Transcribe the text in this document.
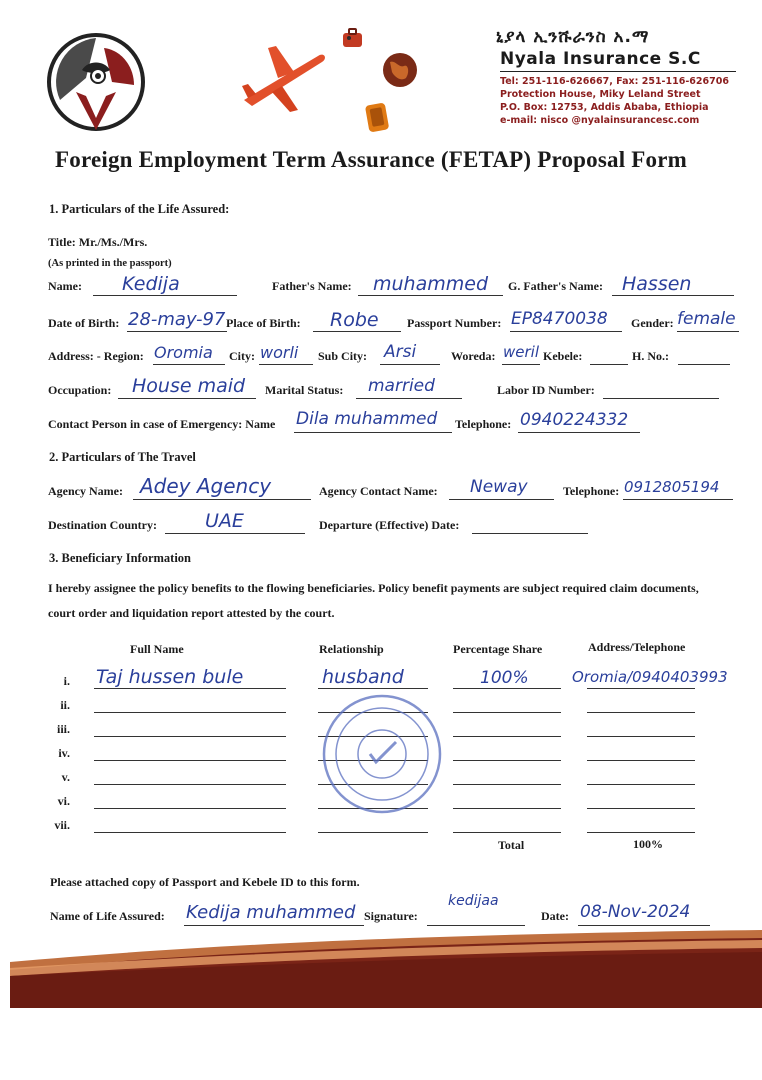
ኒያላ ኢንሹራንስ አ.ማ
Nyala Insurance S.C
Tel: 251-116-626667, Fax: 251-116-626706
Protection House, Miky Leland Street
P.O. Box: 12753, Addis Ababa, Ethiopia
e-mail: nisco @nyalainsurancesc.com
Foreign Employment Term Assurance (FETAP) Proposal Form
1. Particulars of the Life Assured:
Title: Mr./Ms./Mrs.
(As printed in the passport)
Name: Kedija	Father's Name: muhammed G. Father's Name: Hassen
Date of Birth: 28-may-97 Place of Birth: Robe Passport Number: EP8470038 Gender: female
Address: - Region: Oromia City: worli Sub City: Arsi	Woreda: weril Kebele:	H. No.:
Occupation: House maid Marital Status: married	Labor ID Number:
Contact Person in case of Emergency: Name Dila muhammed Telephone: 0940224332
2. Particulars of The Travel
Agency Name: Adey Agency	Agency Contact Name: Neway	Telephone: 0912805194
Destination Country:	UAE	Departure (Effective) Date:
3. Beneficiary Information
I hereby assignee the policy benefits to the flowing beneficiaries. Policy benefit payments are subject required claim documents, court order and liquidation report attested by the court.
Full Name	Relationship	Percentage Share	Address/Telephone
i. Taj hussen bule	husband	100%	Oromia/0940403993
ii.
iii.
iv.
v.
vi.
vii.
Total	100%
Please attached copy of Passport and Kebele ID to this form.
Name of Life Assured: Kedija muhammed Signature:
kedijaa
Date: 08-Nov-2024
